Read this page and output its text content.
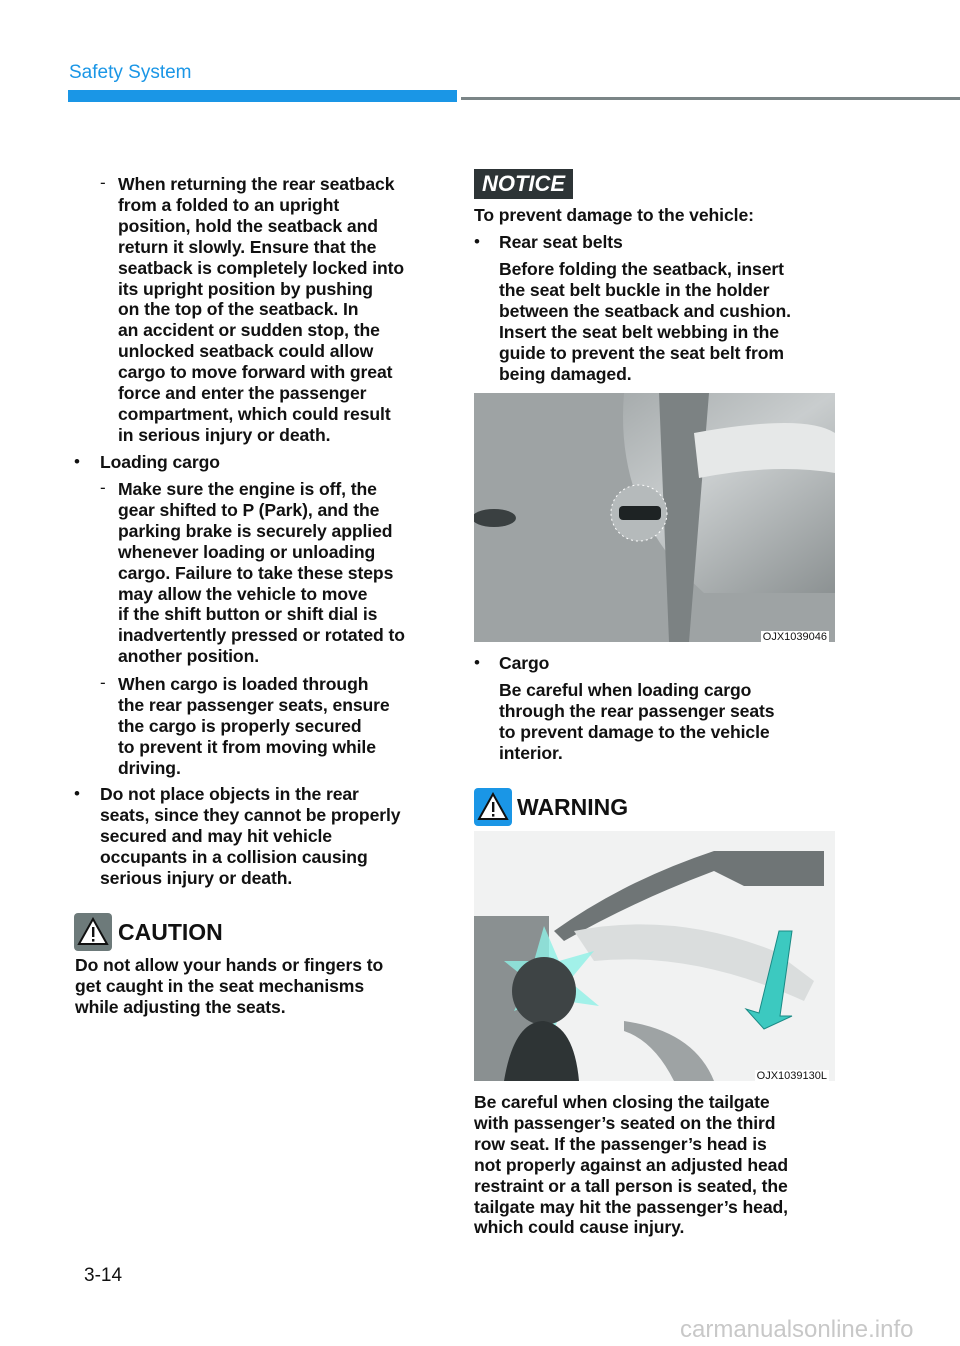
Safety System
- When returning the rear seatback
from a folded to an upright
position, hold the seatback and
return it slowly. Ensure that the
seatback is completely locked into
its upright position by pushing
on the top of the seatback. In
an accident or sudden stop, the
unlocked seatback could allow
cargo to move forward with great
force and enter the passenger
compartment, which could result
in serious injury or death.
• Loading cargo
- Make sure the engine is off, the
gear shifted to P (Park), and the
parking brake is securely applied
whenever loading or unloading
cargo. Failure to take these steps
may allow the vehicle to move
if the shift button or shift dial is
inadvertently pressed or rotated to
another position.
- When cargo is loaded through
the rear passenger seats, ensure
the cargo is properly secured
to prevent it from moving while
driving.
• Do not place objects in the rear
seats, since they cannot be properly
secured and may hit vehicle
occupants in a collision causing
serious injury or death.
CAUTION
Do not allow your hands or fingers to
get caught in the seat mechanisms
while adjusting the seats.
NOTICE
To prevent damage to the vehicle:
• Rear seat belts
Before folding the seatback, insert
the seat belt buckle in the holder
between the seatback and cushion.
Insert the seat belt webbing in the
guide to prevent the seat belt from
being damaged.
OJX1039046
• Cargo
Be careful when loading cargo
through the rear passenger seats
to prevent damage to the vehicle
interior.
WARNING
OJX1039130L
Be careful when closing the tailgate
with passenger’s seated on the third
row seat. If the passenger’s head is
not properly against an adjusted head
restraint or a tall person is seated, the
tailgate may hit the passenger’s head,
which could cause injury.
3-14
carmanualsonline.info
